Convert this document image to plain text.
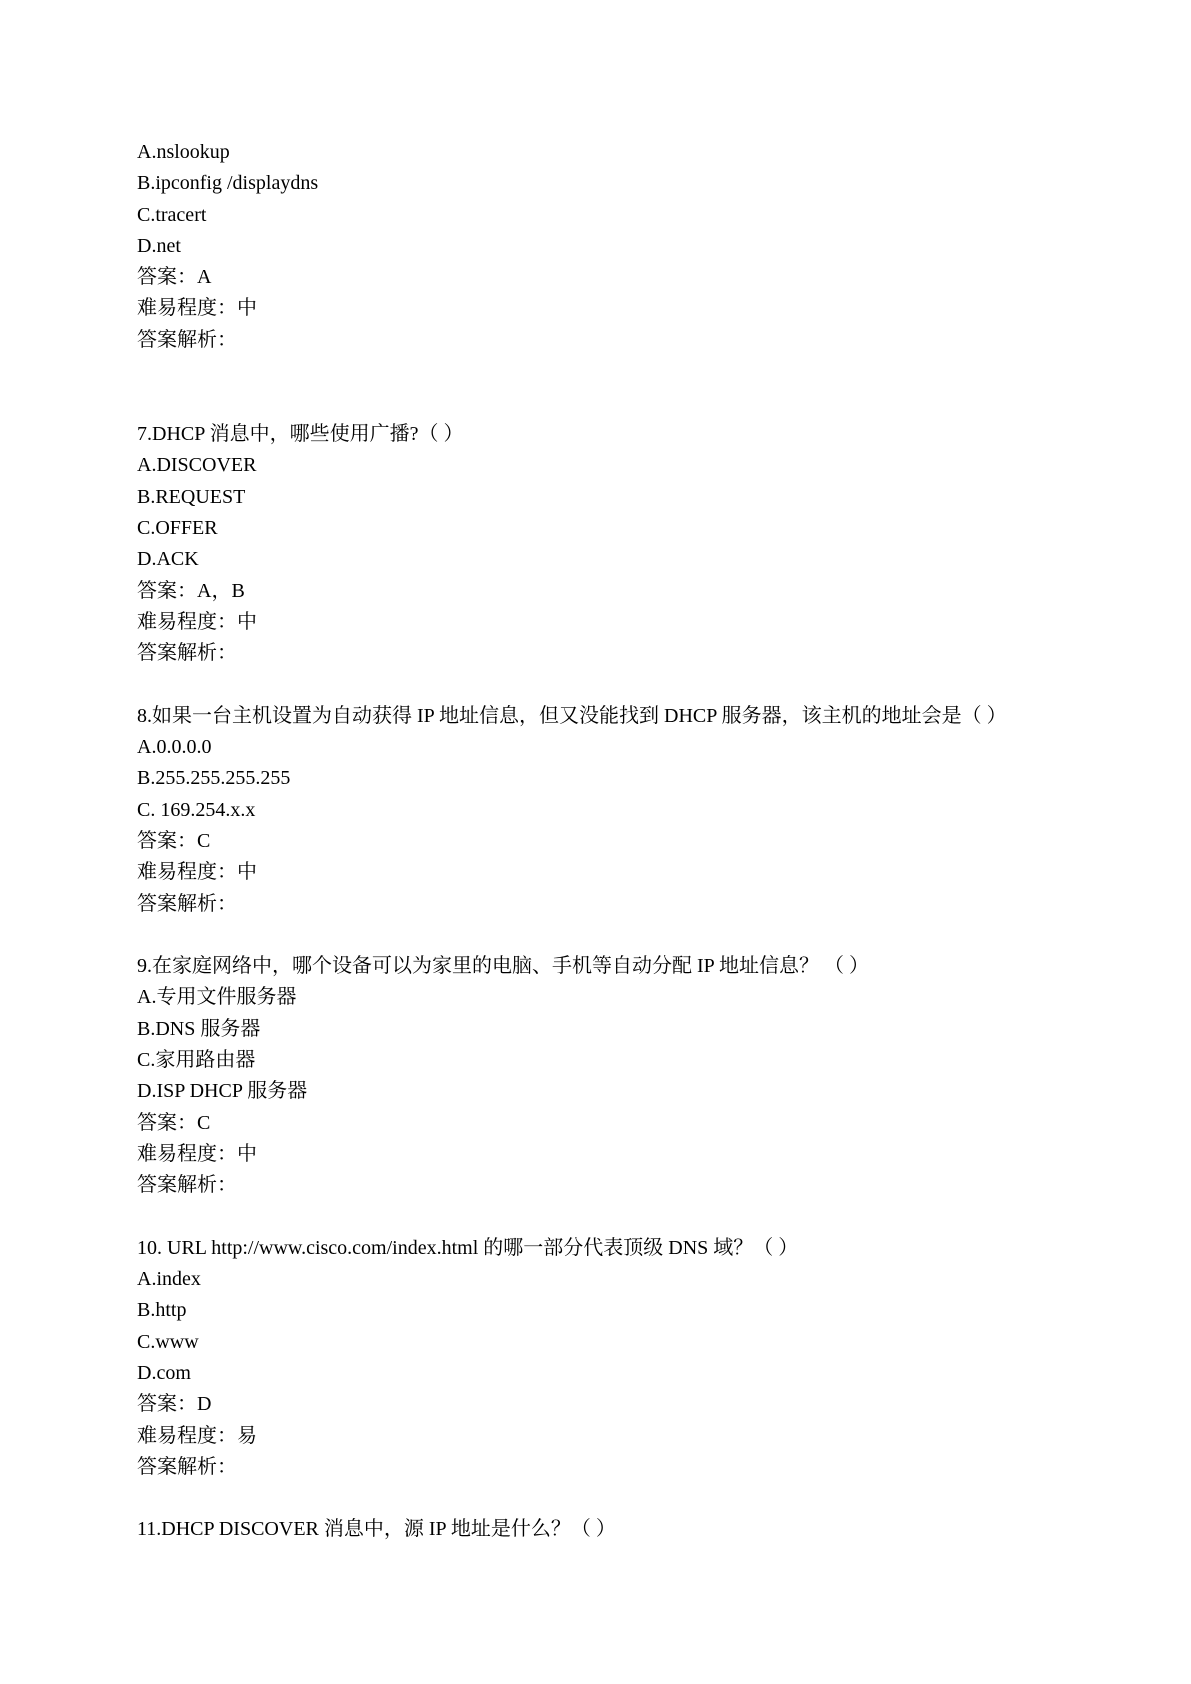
A.nslookup
B.ipconfig /displaydns
C.tracert
D.net
答案：A
难易程度：中
答案解析：
7.DHCP 消息中，哪些使用广播?（ ）
A.DISCOVER
B.REQUEST
C.OFFER
D.ACK
答案：A，B
难易程度：中
答案解析：
8.如果一台主机设置为自动获得 IP 地址信息，但又没能找到 DHCP 服务器，该主机的地址会是（ ）
A.0.0.0.0
B.255.255.255.255
C. 169.254.x.x
答案：C
难易程度：中
答案解析：
9.在家庭网络中，哪个设备可以为家里的电脑、手机等自动分配 IP 地址信息？ （ ）
A.专用文件服务器
B.DNS 服务器
C.家用路由器
D.ISP DHCP 服务器
答案：C
难易程度：中
答案解析：
10. URL http://www.cisco.com/index.html 的哪一部分代表顶级 DNS 域？（ ）
A.index
B.http
C.www
D.com
答案：D
难易程度：易
答案解析：
11.DHCP DISCOVER 消息中，源 IP 地址是什么？（ ）
